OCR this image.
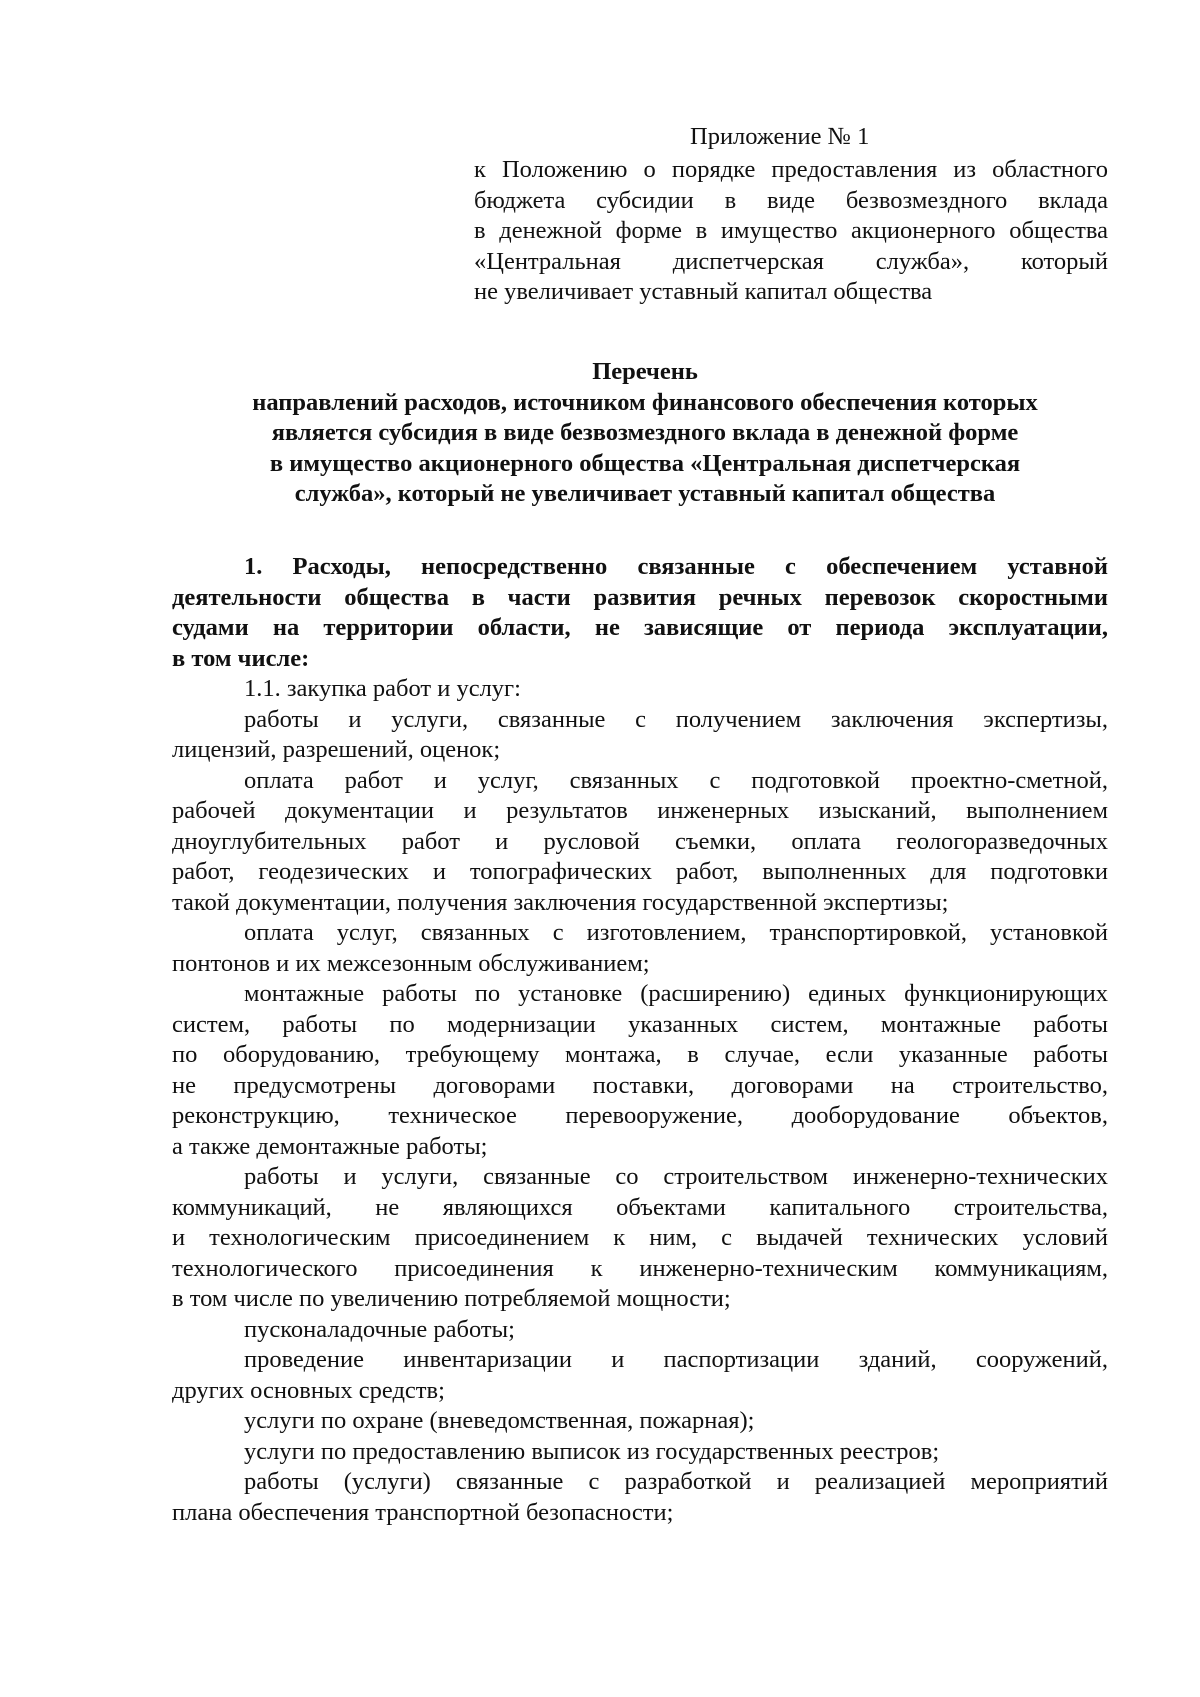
Приложение № 1
к Положению о порядке предоставления из областного
бюджета субсидии в виде безвозмездного вклада
в денежной форме в имущество акционерного общества
«Центральная диспетчерская служба», который
не увеличивает уставный капитал общества
Перечень
направлений расходов, источником финансового обеспечения которых
является субсидия в виде безвозмездного вклада в денежной форме
в имущество акционерного общества «Центральная диспетчерская
служба», который не увеличивает уставный капитал общества
1. Расходы, непосредственно связанные с обеспечением уставной
деятельности общества в части развития речных перевозок скоростными
судами на территории области, не зависящие от периода эксплуатации,
в том числе:
1.1. закупка работ и услуг:
работы и услуги, связанные с получением заключения экспертизы,
лицензий, разрешений, оценок;
оплата работ и услуг, связанных с подготовкой проектно-сметной,
рабочей документации и результатов инженерных изысканий, выполнением
дноуглубительных работ и русловой съемки, оплата геологоразведочных
работ, геодезических и топографических работ, выполненных для подготовки
такой документации, получения заключения государственной экспертизы;
оплата услуг, связанных с изготовлением, транспортировкой, установкой
понтонов и их межсезонным обслуживанием;
монтажные работы по установке (расширению) единых функционирующих
систем, работы по модернизации указанных систем, монтажные работы
по оборудованию, требующему монтажа, в случае, если указанные работы
не предусмотрены договорами поставки, договорами на строительство,
реконструкцию, техническое перевооружение, дооборудование объектов,
а также демонтажные работы;
работы и услуги, связанные со строительством инженерно-технических
коммуникаций, не являющихся объектами капитального строительства,
и технологическим присоединением к ним, с выдачей технических условий
технологического присоединения к инженерно-техническим коммуникациям,
в том числе по увеличению потребляемой мощности;
пусконаладочные работы;
проведение инвентаризации и паспортизации зданий, сооружений,
других основных средств;
услуги по охране (вневедомственная, пожарная);
услуги по предоставлению выписок из государственных реестров;
работы (услуги) связанные с разработкой и реализацией мероприятий
плана обеспечения транспортной безопасности;
